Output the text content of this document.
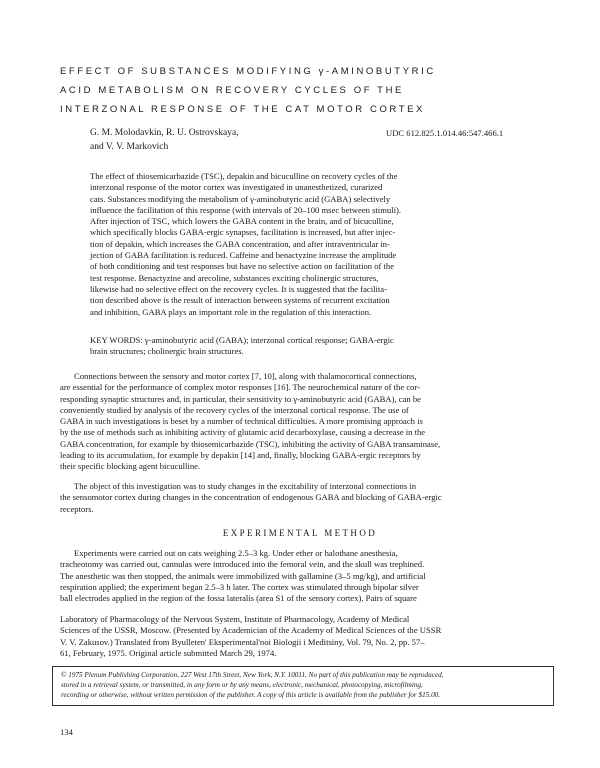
EFFECT OF SUBSTANCES MODIFYING γ-AMINOBUTYRIC
ACID METABOLISM ON RECOVERY CYCLES OF THE
INTERZONAL RESPONSE OF THE CAT MOTOR CORTEX
G. M. Molodavkin, R. U. Ostrovskaya,
and V. V. Markovich
UDC 612.825.1.014.46:547.466.1

The effect of thiosemicarbazide (TSC), depakin and bicuculline on recovery cycles of the

interzonal response of the motor cortex was investigated in unanesthetized, curarized

cats. Substances modifying the metabolism of γ-aminobutyric acid (GABA) selectively

influence the facilitation of this response (with intervals of 20–100 msec between stimuli).

After injection of TSC, which lowers the GABA content in the brain, and of bicuculline,

which specifically blocks GABA-ergic synapses, facilitation is increased, but after injec-

tion of depakin, which increases the GABA concentration, and after intraventricular in-

jection of GABA facilitation is reduced. Caffeine and benactyzine increase the amplitude

of both conditioning and test responses but have no selective action on facilitation of the

test response. Benactyzine and arecoline, substances exciting cholinergic structures,

likewise had no selective effect on the recovery cycles. It is suggested that the facilita-

tion described above is the result of interaction between systems of recurrent excitation

and inhibition, GABA plays an important role in the regulation of this interaction.

KEY WORDS: γ-aminobutyric acid (GABA); interzonal cortical response; GABA-ergic

brain structures; cholinergic brain structures.

Connections between the sensory and motor cortex [7, 10], along with thalamocortical connections,

are essential for the performance of complex motor responses [16]. The neurochemical nature of the cor-

responding synaptic structures and, in particular, their sensitivity to γ-aminobutyric acid (GABA), can be

conveniently studied by analysis of the recovery cycles of the interzonal cortical response. The use of

GABA in such investigations is beset by a number of technical difficulties. A more promising approach is

by the use of methods such as inhibiting activity of glutamic acid decarboxylase, causing a decrease in the

GABA concentration, for example by thiosemicarbazide (TSC), inhibiting the activity of GABA transaminase,

leading to its accumulation, for example by depakin [14] and, finally, blocking GABA-ergic receptors by

their specific blocking agent bicuculline.

The object of this investigation was to study changes in the excitability of interzonal connections in

the sensomotor cortex during changes in the concentration of endogenous GABA and blocking of GABA-ergic

receptors.

EXPERIMENTAL METHOD

Experiments were carried out on cats weighing 2.5–3 kg. Under ether or halothane anesthesia,

tracheotomy was carried out, cannulas were introduced into the femoral vein, and the skull was trephined.

The anesthetic was then stopped, the animals were immobilized with gallamine (3–5 mg/kg), and artificial

respiration applied; the experiment began 2.5–3 h later. The cortex was stimulated through bipolar silver

ball electrodes applied in the region of the fossa lateralis (area S1 of the sensory cortex). Pairs of square

Laboratory of Pharmacology of the Nervous System, Institute of Pharmacology, Academy of Medical

Sciences of the USSR, Moscow. (Presented by Academician of the Academy of Medical Sciences of the USSR

V. V. Zakusov.) Translated from Byulleten' Eksperimental'noi Biologii i Meditsiny, Vol. 79, No. 2, pp. 57–

61, February, 1975. Original article submitted March 29, 1974.

© 1975 Plenum Publishing Corporation, 227 West 17th Street, New York, N.Y. 10011. No part of this publication may be reproduced,

stored in a retrieval system, or transmitted, in any form or by any means, electronic, mechanical, photocopying, microfilming,

recording or otherwise, without written permission of the publisher. A copy of this article is available from the publisher for $15.00.

134
